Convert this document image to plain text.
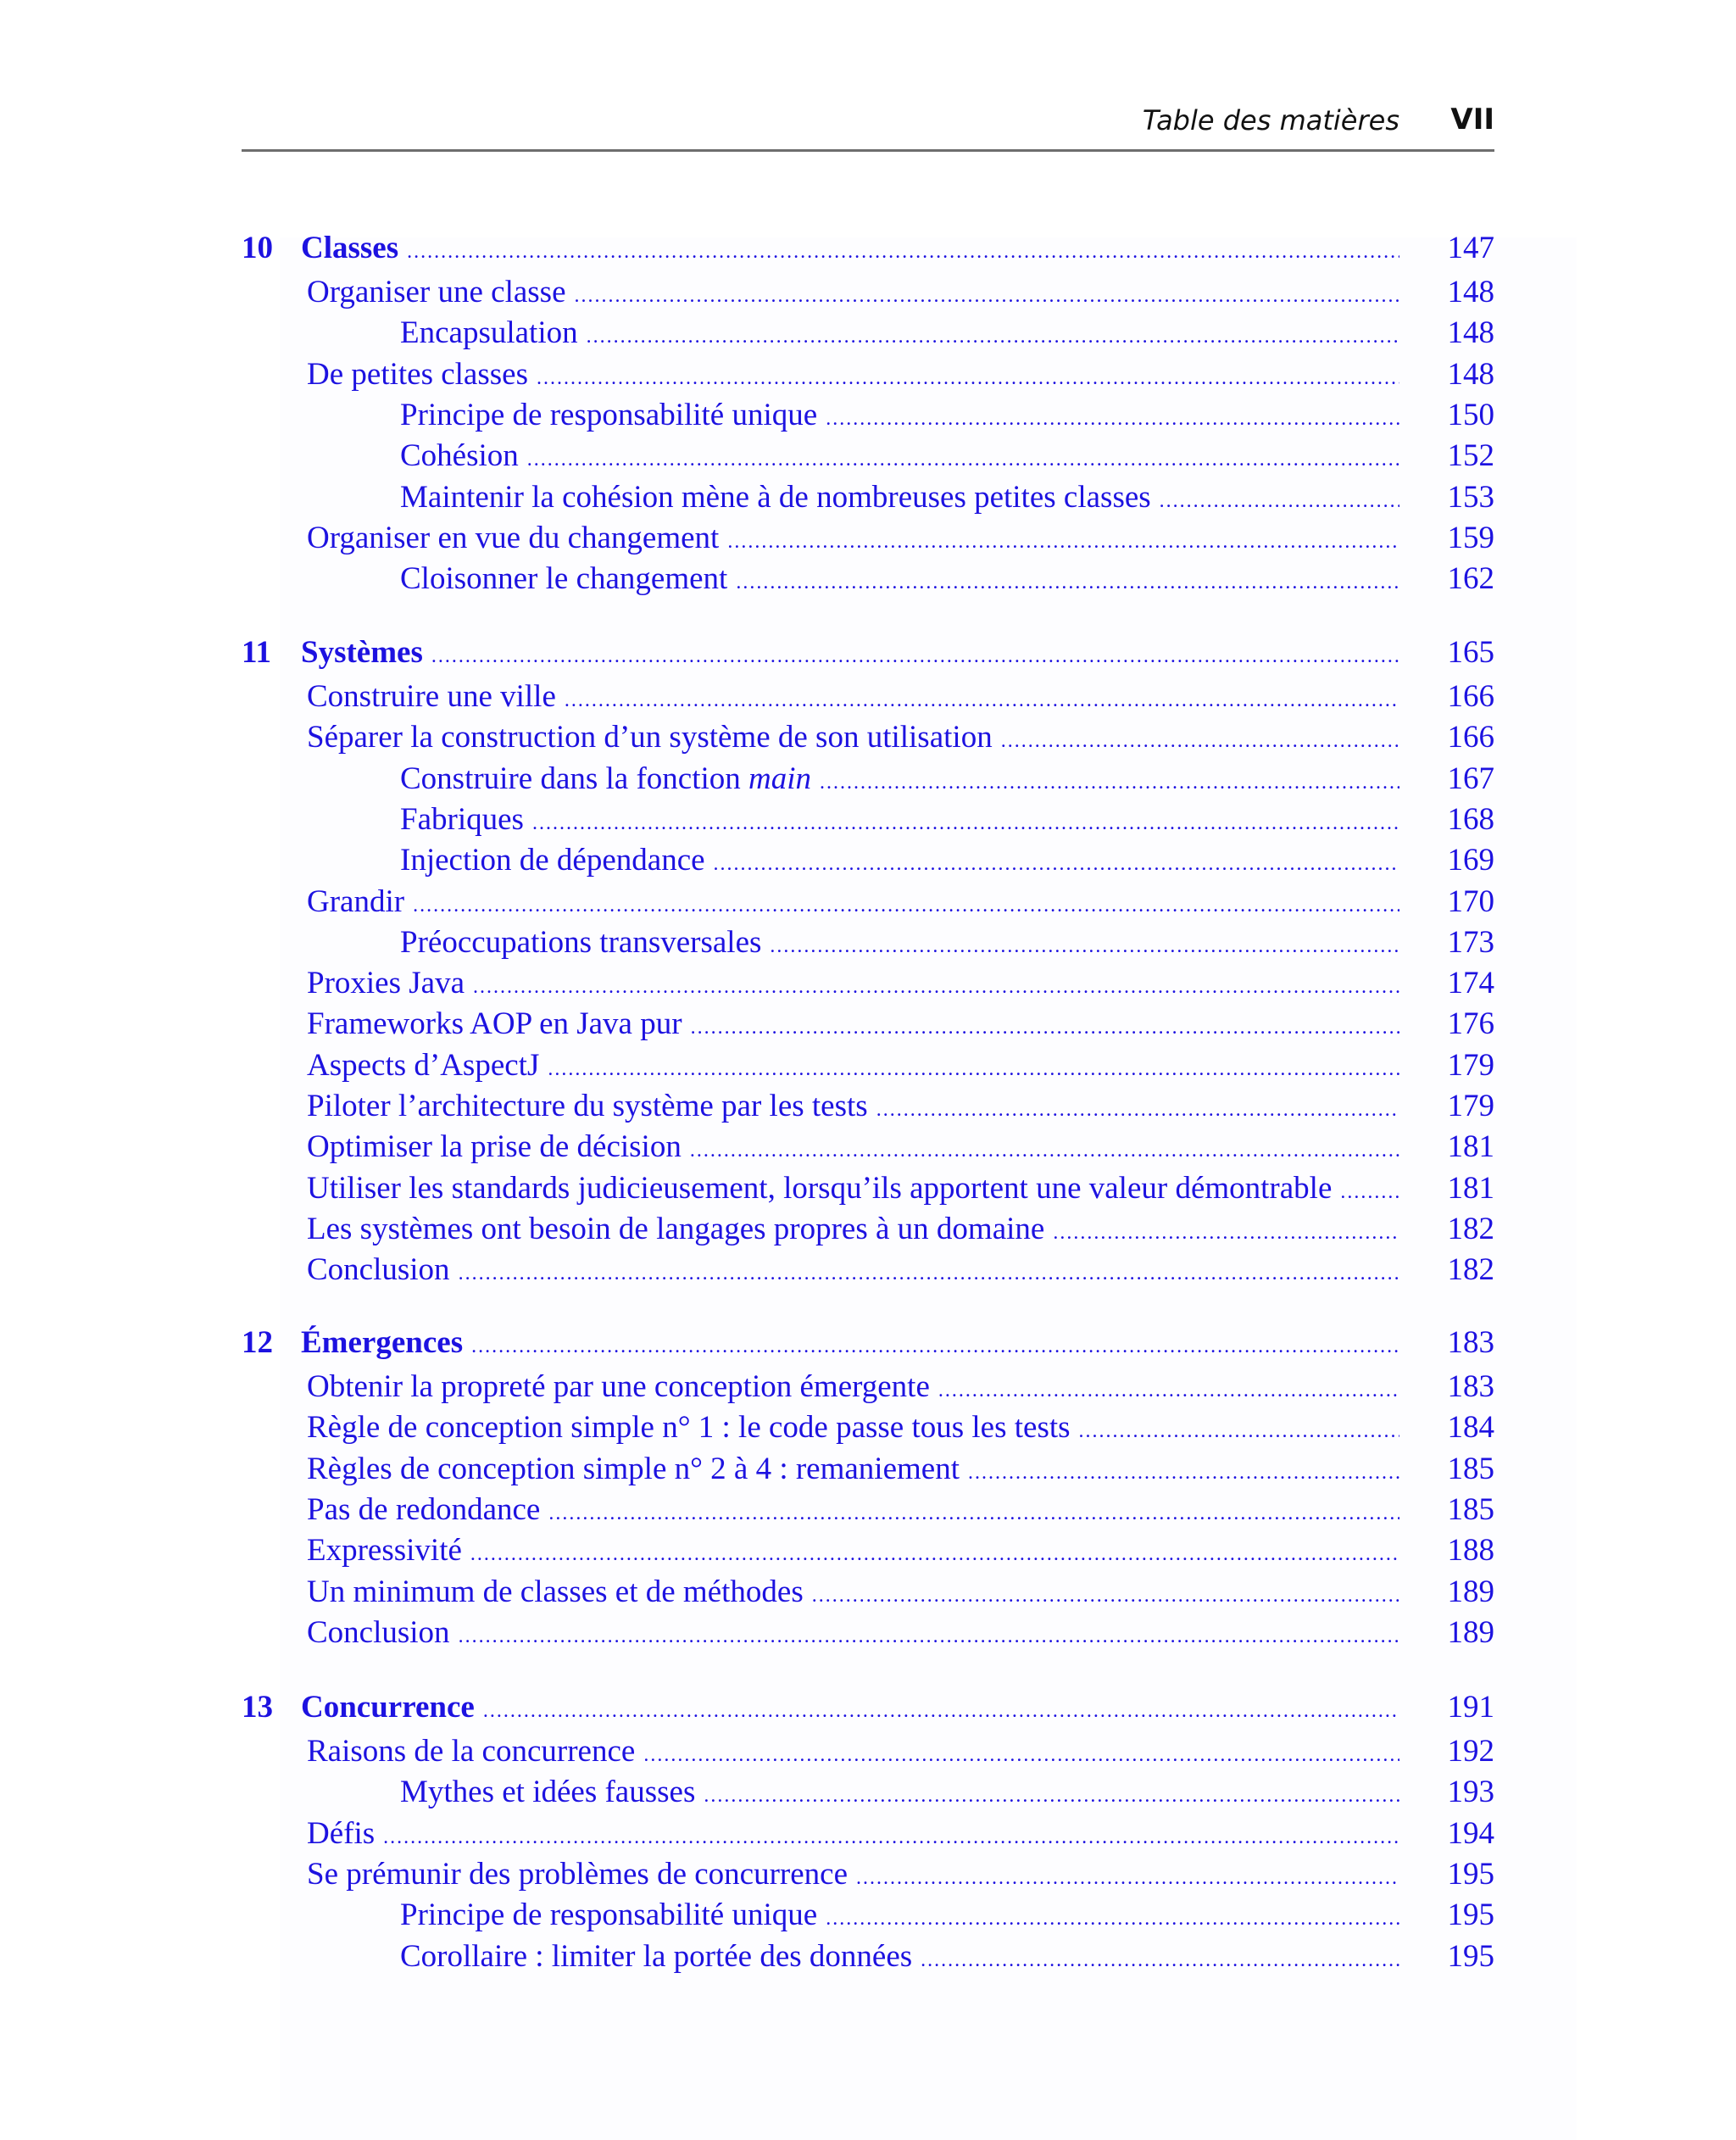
Table des matières VII
10 Classes .....	147
Organiser une classe .....	148
Encapsulation .....	148
De petites classes .....	148
Principe de responsabilité unique .....	150
Cohésion .....	152
Maintenir la cohésion mène à de nombreuses petites classes .....	153
Organiser en vue du changement .....	159
Cloisonner le changement .....	162
11 Systèmes .....	165
Construire une ville .....	166
Séparer la construction d’un système de son utilisation .....	166
Construire dans la fonction main .....	167
Fabriques .....	168
Injection de dépendance .....	169
Grandir .....	170
Préoccupations transversales .....	173
Proxies Java .....	174
Frameworks AOP en Java pur .....	176
Aspects d’AspectJ .....	179
Piloter l’architecture du système par les tests .....	179
Optimiser la prise de décision .....	181
Utiliser les standards judicieusement, lorsqu’ils apportent une valeur démontrable .....	181
Les systèmes ont besoin de langages propres à un domaine .....	182
Conclusion .....	182
12 Émergences .....	183
Obtenir la propreté par une conception émergente .....	183
Règle de conception simple n° 1 : le code passe tous les tests .....	184
Règles de conception simple n° 2 à 4 : remaniement .....	185
Pas de redondance .....	185
Expressivité .....	188
Un minimum de classes et de méthodes .....	189
Conclusion .....	189
13 Concurrence .....	191
Raisons de la concurrence .....	192
Mythes et idées fausses .....	193
Défis .....	194
Se prémunir des problèmes de concurrence .....	195
Principe de responsabilité unique .....	195
Corollaire : limiter la portée des données .....	195
